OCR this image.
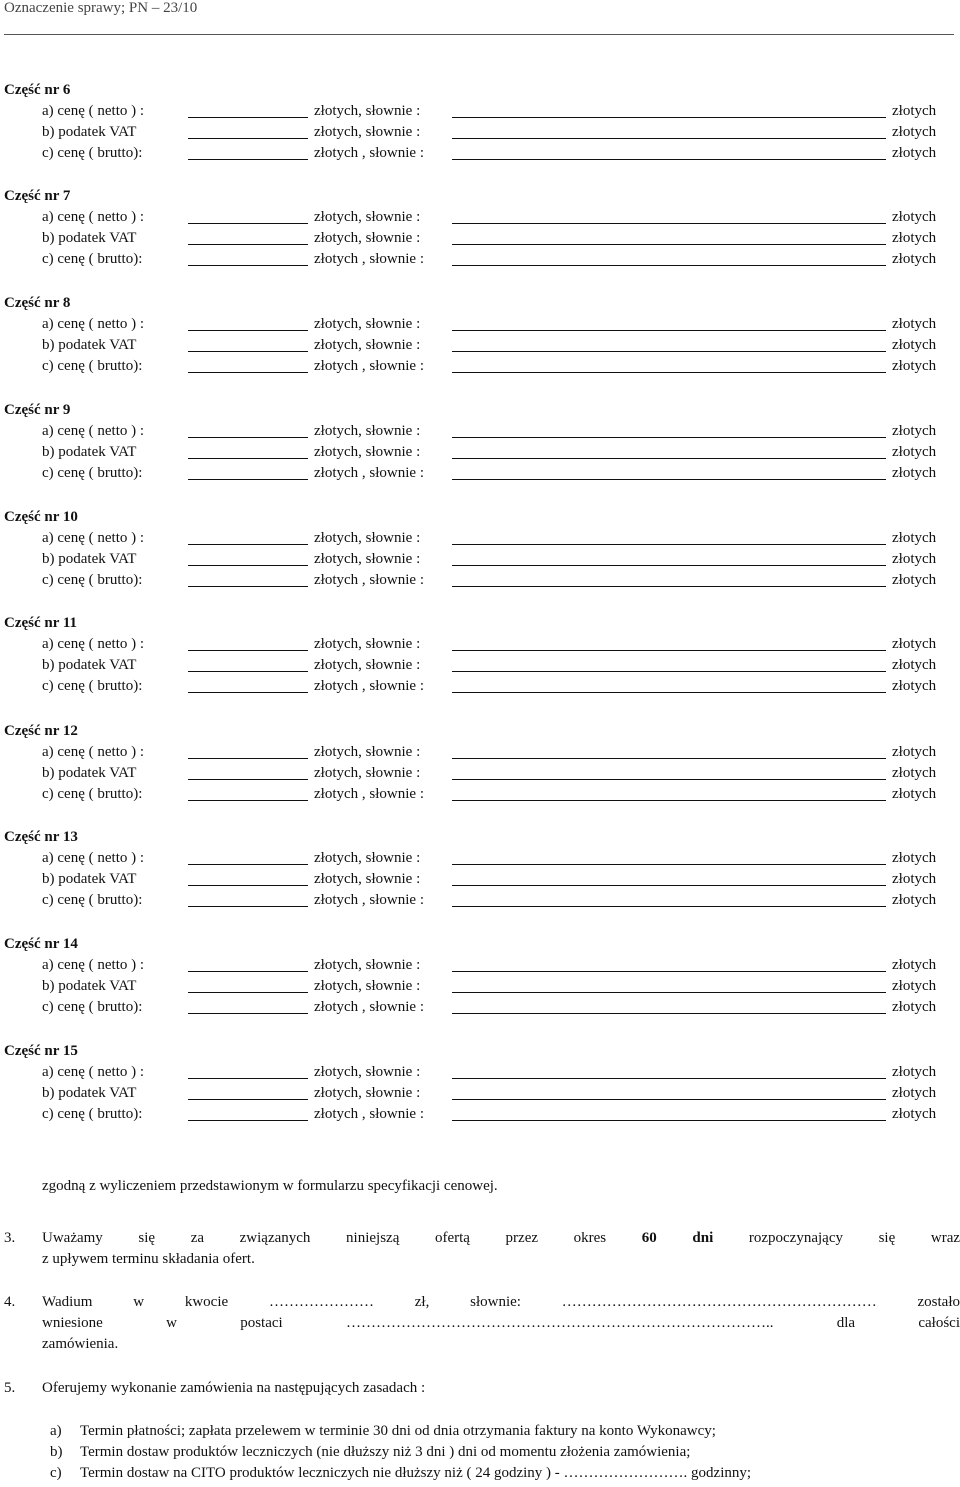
Oznaczenie sprawy; PN – 23/10
Część nr 6
a) cenę ( netto ) :	złotych, słownie :	złotych
b) podatek VAT	złotych, słownie :	złotych
c) cenę ( brutto):	złotych , słownie :	złotych
Część nr 7
a) cenę ( netto ) :	złotych, słownie :	złotych
b) podatek VAT	złotych, słownie :	złotych
c) cenę ( brutto):	złotych , słownie :	złotych
Część nr 8
a) cenę ( netto ) :	złotych, słownie :	złotych
b) podatek VAT	złotych, słownie :	złotych
c) cenę ( brutto):	złotych , słownie :	złotych
Część nr 9
a) cenę ( netto ) :	złotych, słownie :	złotych
b) podatek VAT	złotych, słownie :	złotych
c) cenę ( brutto):	złotych , słownie :	złotych
Część nr 10
a) cenę ( netto ) :	złotych, słownie :	złotych
b) podatek VAT	złotych, słownie :	złotych
c) cenę ( brutto):	złotych , słownie :	złotych
Część nr 11
a) cenę ( netto ) :	złotych, słownie :	złotych
b) podatek VAT	złotych, słownie :	złotych
c) cenę ( brutto):	złotych , słownie :	złotych
Część nr 12
a) cenę ( netto ) :	złotych, słownie :	złotych
b) podatek VAT	złotych, słownie :	złotych
c) cenę ( brutto):	złotych , słownie :	złotych
Część nr 13
a) cenę ( netto ) :	złotych, słownie :	złotych
b) podatek VAT	złotych, słownie :	złotych
c) cenę ( brutto):	złotych , słownie :	złotych
Część nr 14
a) cenę ( netto ) :	złotych, słownie :	złotych
b) podatek VAT	złotych, słownie :	złotych
c) cenę ( brutto):	złotych , słownie :	złotych
Część nr 15
a) cenę ( netto ) :	złotych, słownie :	złotych
b) podatek VAT	złotych, słownie :	złotych
c) cenę ( brutto):	złotych , słownie :	złotych
zgodną z wyliczeniem przedstawionym w formularzu specyfikacji cenowej.
3. Uważamy się za związanych niniejszą ofertą przez okres 60 dni rozpoczynający się wraz
z upływem terminu składania ofert.
4. Wadium w kwocie ………………… zł, słownie: ……………………………………………………… zostało
wniesione w postaci ………………………………………………………………………….. dla całości
zamówienia.
5. Oferujemy wykonanie zamówienia na następujących zasadach :
a) Termin płatności; zapłata przelewem w terminie 30 dni od dnia otrzymania faktury na konto Wykonawcy;
b) Termin dostaw produktów leczniczych (nie dłuższy niż 3 dni ) dni od momentu złożenia zamówienia;
c) Termin dostaw na CITO produktów leczniczych nie dłuższy niż ( 24 godziny ) - ……………………. godzinny;
